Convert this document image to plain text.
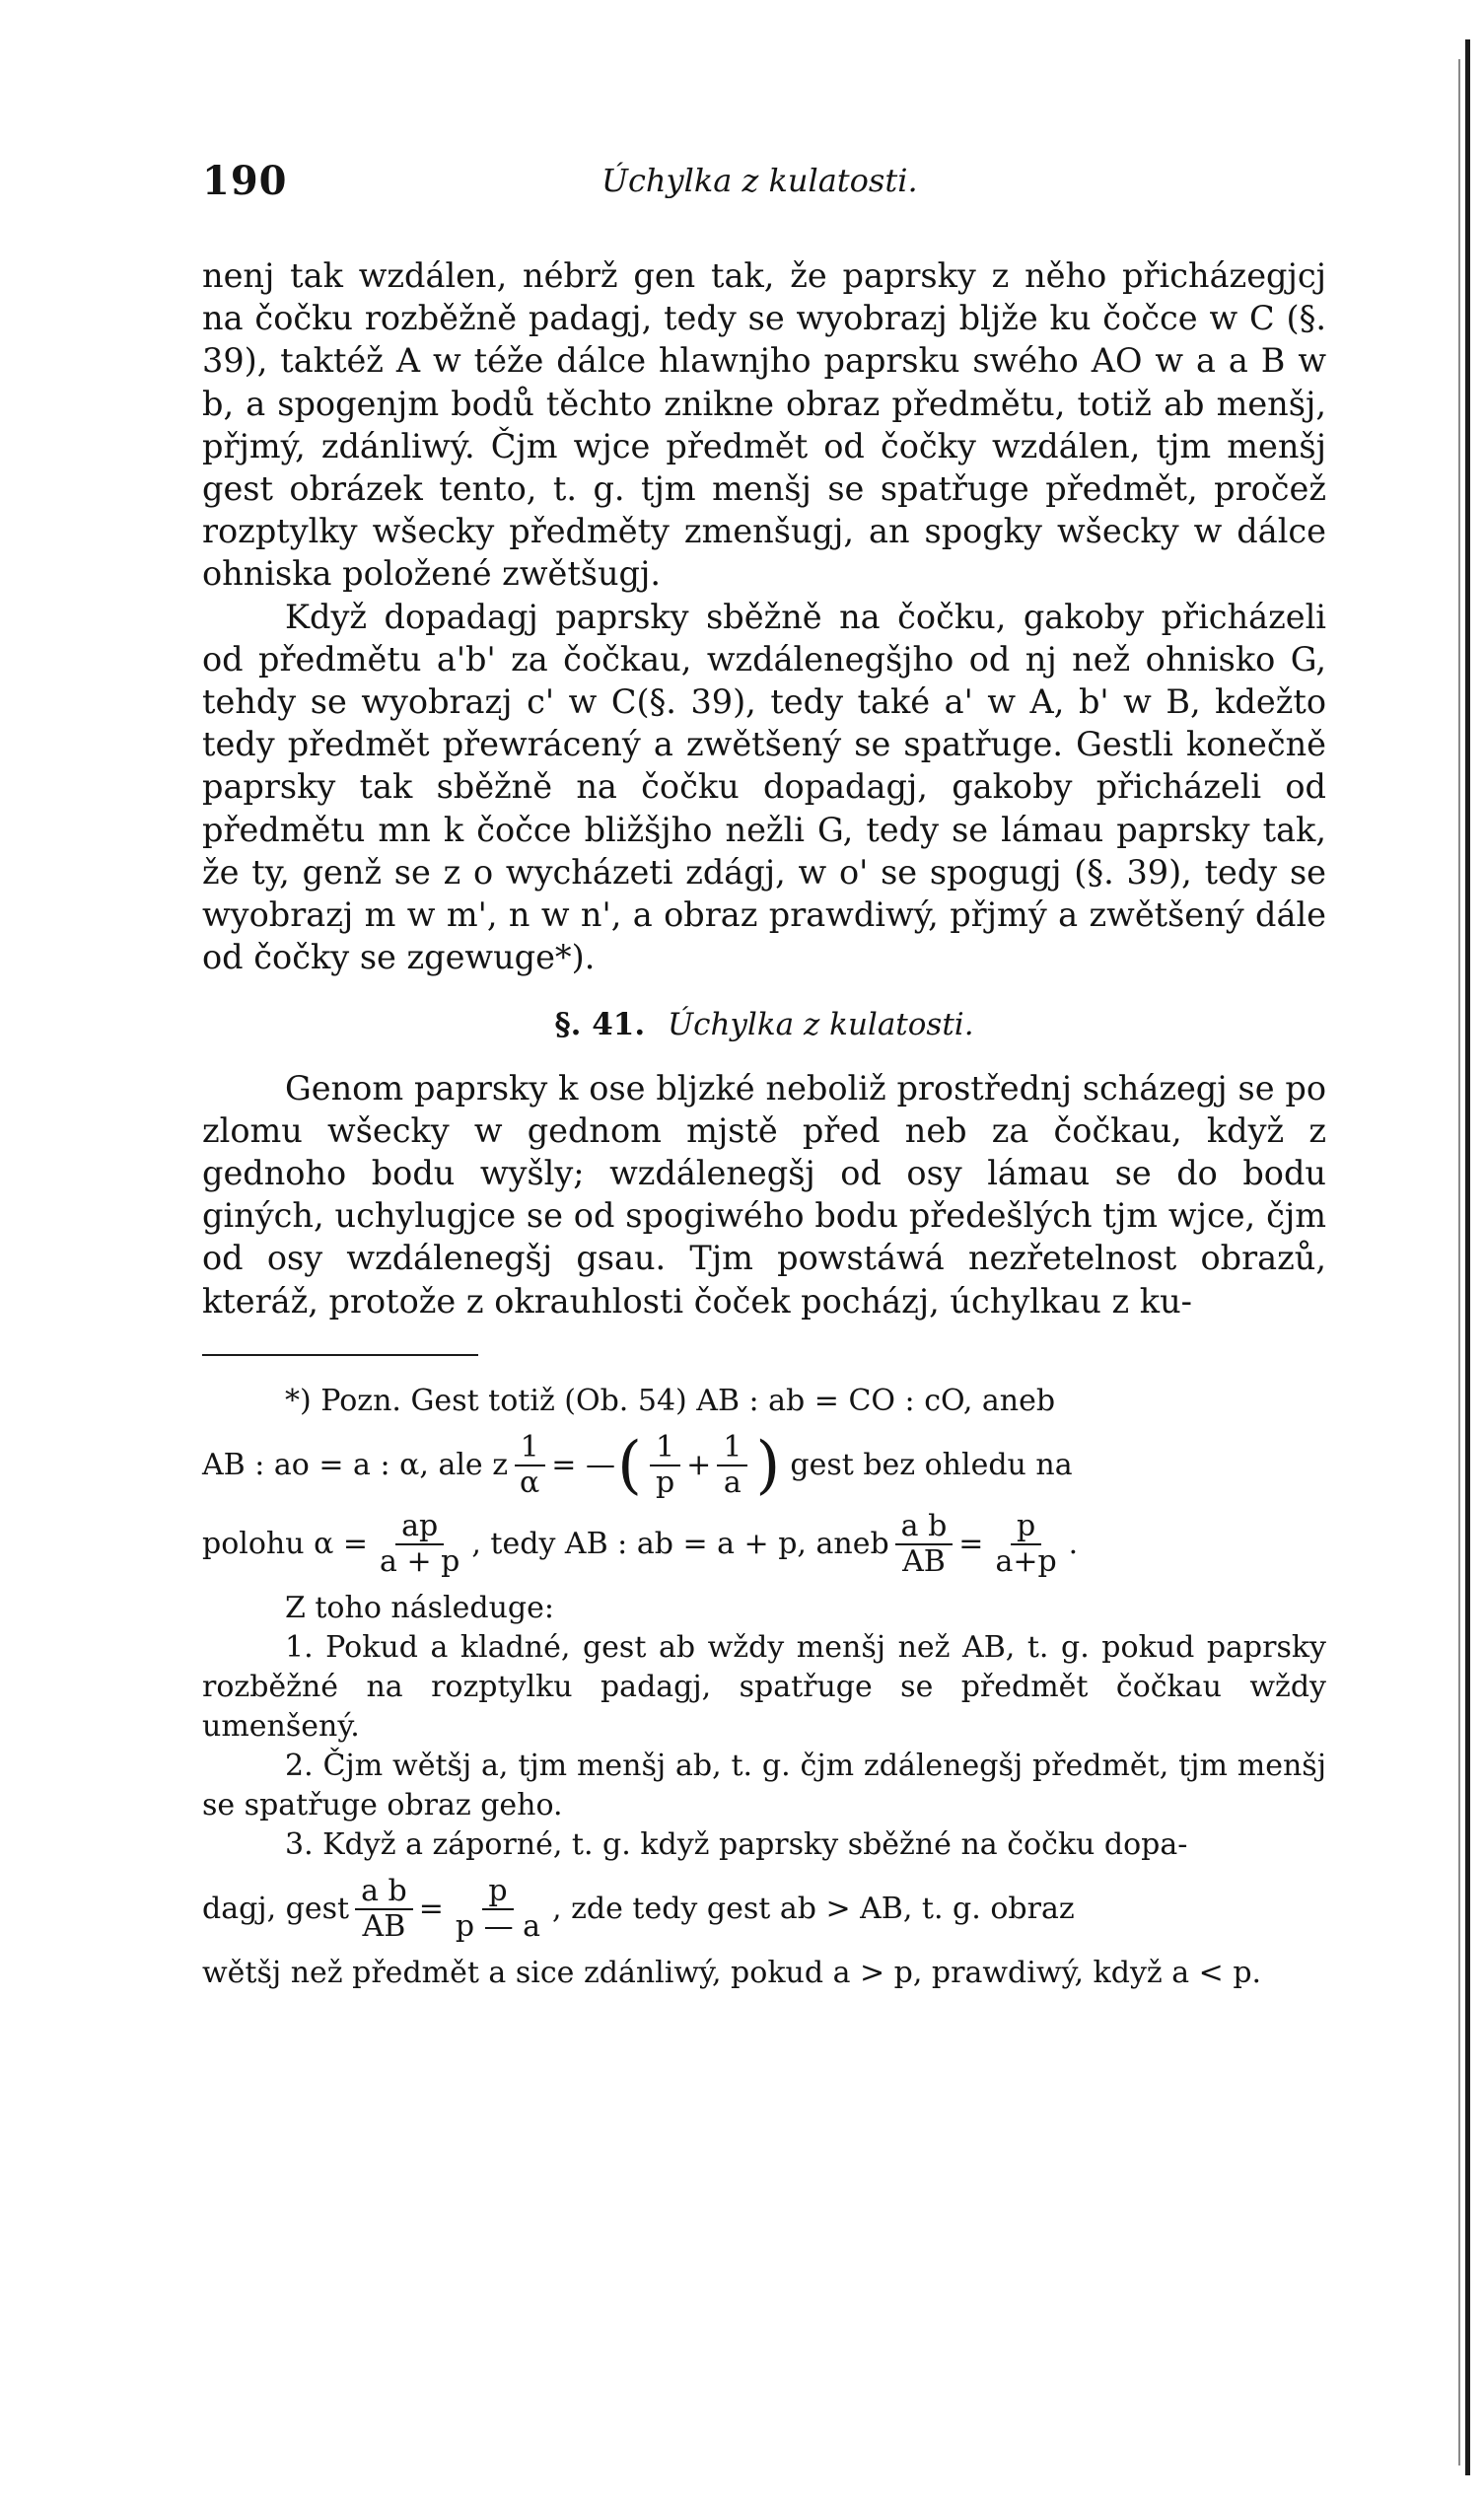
190	Úchylka z kulatosti.

nenj tak wzdálen, nébrž gen tak, že paprsky z něho přicházegjcj na čočku rozběžně padagj, tedy se wyobrazj bljže ku čočce w C (§. 39), taktéž A w téže dálce hlawnjho paprsku swého AO w a a B w b, a spogenjm bodů těchto znikne obraz předmětu, totiž ab menšj, přjmý, zdánliwý. Čjm wjce předmět od čočky wzdálen, tjm menšj gest obrázek tento, t. g. tjm menšj se spatřuge předmět, pročež rozptylky wšecky předměty zmenšugj, an spogky wšecky w dálce ohniska položené zwětšugj.

Když dopadagj paprsky sběžně na čočku, gakoby přicházeli od předmětu a'b' za čočkau, wzdálenegšjho od nj než ohnisko G, tehdy se wyobrazj c' w C(§. 39), tedy také a' w A, b' w B, kdežto tedy předmět přewrácený a zwětšený se spatřuge. Gestli konečně paprsky tak sběžně na čočku dopadagj, gakoby přicházeli od předmětu mn k čočce bližšjho nežli G, tedy se lámau paprsky tak, že ty, genž se z o wycházeti zdágj, w o' se spogugj (§. 39), tedy se wyobrazj m w m', n w n', a obraz prawdiwý, přjmý a zwětšený dále od čočky se zgewuge*).

§. 41. Úchylka z kulatosti.

Genom paprsky k ose bljzké neboliž prostřednj scházegj se po zlomu wšecky w gednom mjstě před neb za čočkau, když z gednoho bodu wyšly; wzdálenegšj od osy lámau se do bodu giných, uchylugjce se od spogiwého bodu předešlých tjm wjce, čjm od osy wzdálenegšj gsau. Tjm powstáwá nezřetelnost obrazů, kteráž, protože z okrauhlosti čoček pocházj, úchylkau z ku-

*) Pozn. Gest totiž (Ob. 54) AB : ab = CO : cO, aneb

AB : ao = a : α, ale z $\frac{1}{\alpha}$ = — ( $\frac{1}{p} + \frac{1}{a}$ ) gest bez ohledu na
polohu $\alpha = \frac{ap}{a + p}$ , tedy AB : ab = a + p, aneb $\frac{\text{a b}}{AB} = \frac{p}{a+p}$ .

Z toho následuge:

1. Pokud a kladné, gest ab wždy menšj než AB, t. g. pokud paprsky rozběžné na rozptylku padagj, spatřuge se předmět čočkau wždy umenšený.

2. Čjm wětšj a, tjm menšj ab, t. g. čjm zdálenegšj předmět, tjm menšj se spatřuge obraz geho.

3. Když a záporné, t. g. když paprsky sběžné na čočku dopa-

dagj, gest $\frac{\text{a b}}{AB} = \frac{p}{p — a}$ , zde tedy gest ab > AB, t. g. obraz

wětšj než předmět a sice zdánliwý, pokud a > p, prawdiwý, když a < p.
